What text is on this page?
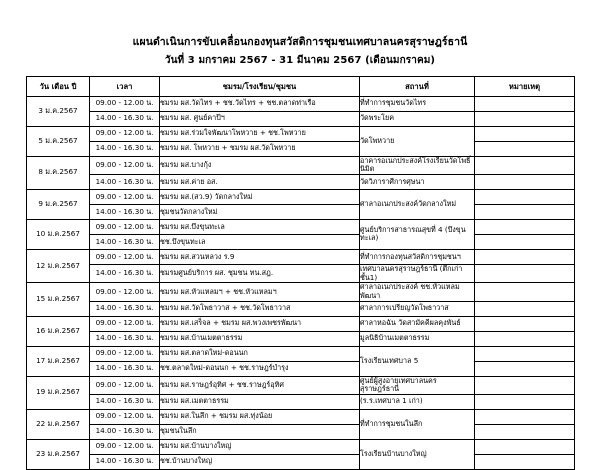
แผนดำเนินการขับเคลื่อนกองทุนสวัสดิการชุมชนเทศบาลนครสุราษฎร์ธานี
วันที่ 3 มกราคม 2567 - 31 มีนาคม 2567 (เดือนมกราคม)
วัน เดือน ปี	เวลา	ชมรม/โรงเรียน/ชุมชน	สถานที่	หมายเหตุ
3 ม.ค.2567	09.00 - 12.00 น.	ชมรม ผส.วัดไทร + ชช.วัดไทร + ชช.ตลาดท่าเรือ	ที่ทำการชุมชนวัดไทร	
	14.00 - 16.30 น.	ชมรม ผส. ศูนย์คาปีฯ	วัดพระโยค	
5 ม.ค.2567	09.00 - 12.00 น.	ชมรม ผส.ร่วมใจพัฒนาโพหวาย + ชช.โพหวาย	วัดโพหวาย	
	14.00 - 16.30 น.	ชมรม ผส. โพหวาย + ชมรม ผส.วัดโพหวาย		
8 ม.ค.2567	09.00 - 12.00 น.	ชมรม ผส.บางกุ้ง	อาคารอเนกประสงค์โรงเรียนวัดโพธิ์นิมิต	
	14.00 - 16.30 น.	ชมรม ผส.ค่าย อส.	วัดวิภาราศีการศุษนา	
9 ม.ค.2567	09.00 - 12.00 น.	ชมรม ผส.(สว.9) วัดกลางใหม่	ศาลาอเนกประสงค์วัดกลางใหม่	
	14.00 - 16.30 น.	ชุมชนวัดกลางใหม่		
10 ม.ค.2567	09.00 - 12.00 น.	ชมรม ผส.บึงขุนทะเล	ศูนย์บริการสาธารณสุขที่ 4 (บึงขุนทะเล)	
	14.00 - 16.30 น.	ชช.บึงขุนทะเล		
12 ม.ค.2567	09.00 - 12.00 น.	ชมรม ผส.สวนหลวง ร.9	ที่ทำการกองทุนสวัสดิการชุมชนฯ	
	14.00 - 16.30 น.	ชมรมศูนย์บริการ ผส. ชุมชน ทน.สฎ.	เทศบาลนครสุราษฎร์ธานี (ตึกเก่า ชั้น1)	
15 ม.ค.2567	09.00 - 12.00 น.	ชมรม ผส.หัวแหลมฯ + ชช.หัวแหลมฯ	ศาลาอเนกประสงค์ ชช.หัวแหลมพัฒนา	
	14.00 - 16.30 น.	ชมรม ผส.วัดโพธาวาส + ชช.วัดโพธาวาส	ศาลาการเปรียญวัดโพธาวาส	
16 ม.ค.2567	09.00 - 12.00 น.	ชมรม ผส.เสร็จล + ชมรม ผส.พวงเพชรพัฒนา	ศาลาหอฉัน วัดสามัคคีผลคุงพันธ์	
	14.00 - 16.30 น.	ชมรม ผส.บ้านเมตตาธรรม	มูลนิธิบ้านเมตตาธรรม	
17 ม.ค.2567	09.00 - 12.00 น.	ชมรม ผส.ตลาดใหม่-ดอนนก	โรงเรียนเทศบาล 5	
	14.00 - 16.30 น.	ชช.ตลาดใหม่-ดอนนก + ชช.ราษฎร์บำรุง		
19 ม.ค.2567	09.00 - 12.00 น.	ชมรม ผส.ราษฎร์อุทิศ + ชช.ราษฎร์อุทิศ	ศูนย์ผู้สูงอายุเทศบาลนครสุราษฎร์ธานี	
	14.00 - 16.30 น.	ชมรม ผส.เมตตาธรรม	(ร.ร.เทศบาล 1 เก่า)	
22 ม.ค.2567	09.00 - 12.00 น.	ชมรม ผส.ในลึก + ชมรม ผส.ทุ่งน้อย	ที่ทำการชุมชนในลึก	
	14.00 - 16.30 น.	ชุมชนในลึก		
23 ม.ค.2567	09.00 - 12.00 น.	ชมรม ผส.บ้านบางใหญ่	โรงเรียนบ้านบางใหญ่	
	14.00 - 16.30 น.	ชช.บ้านบางใหญ่		
